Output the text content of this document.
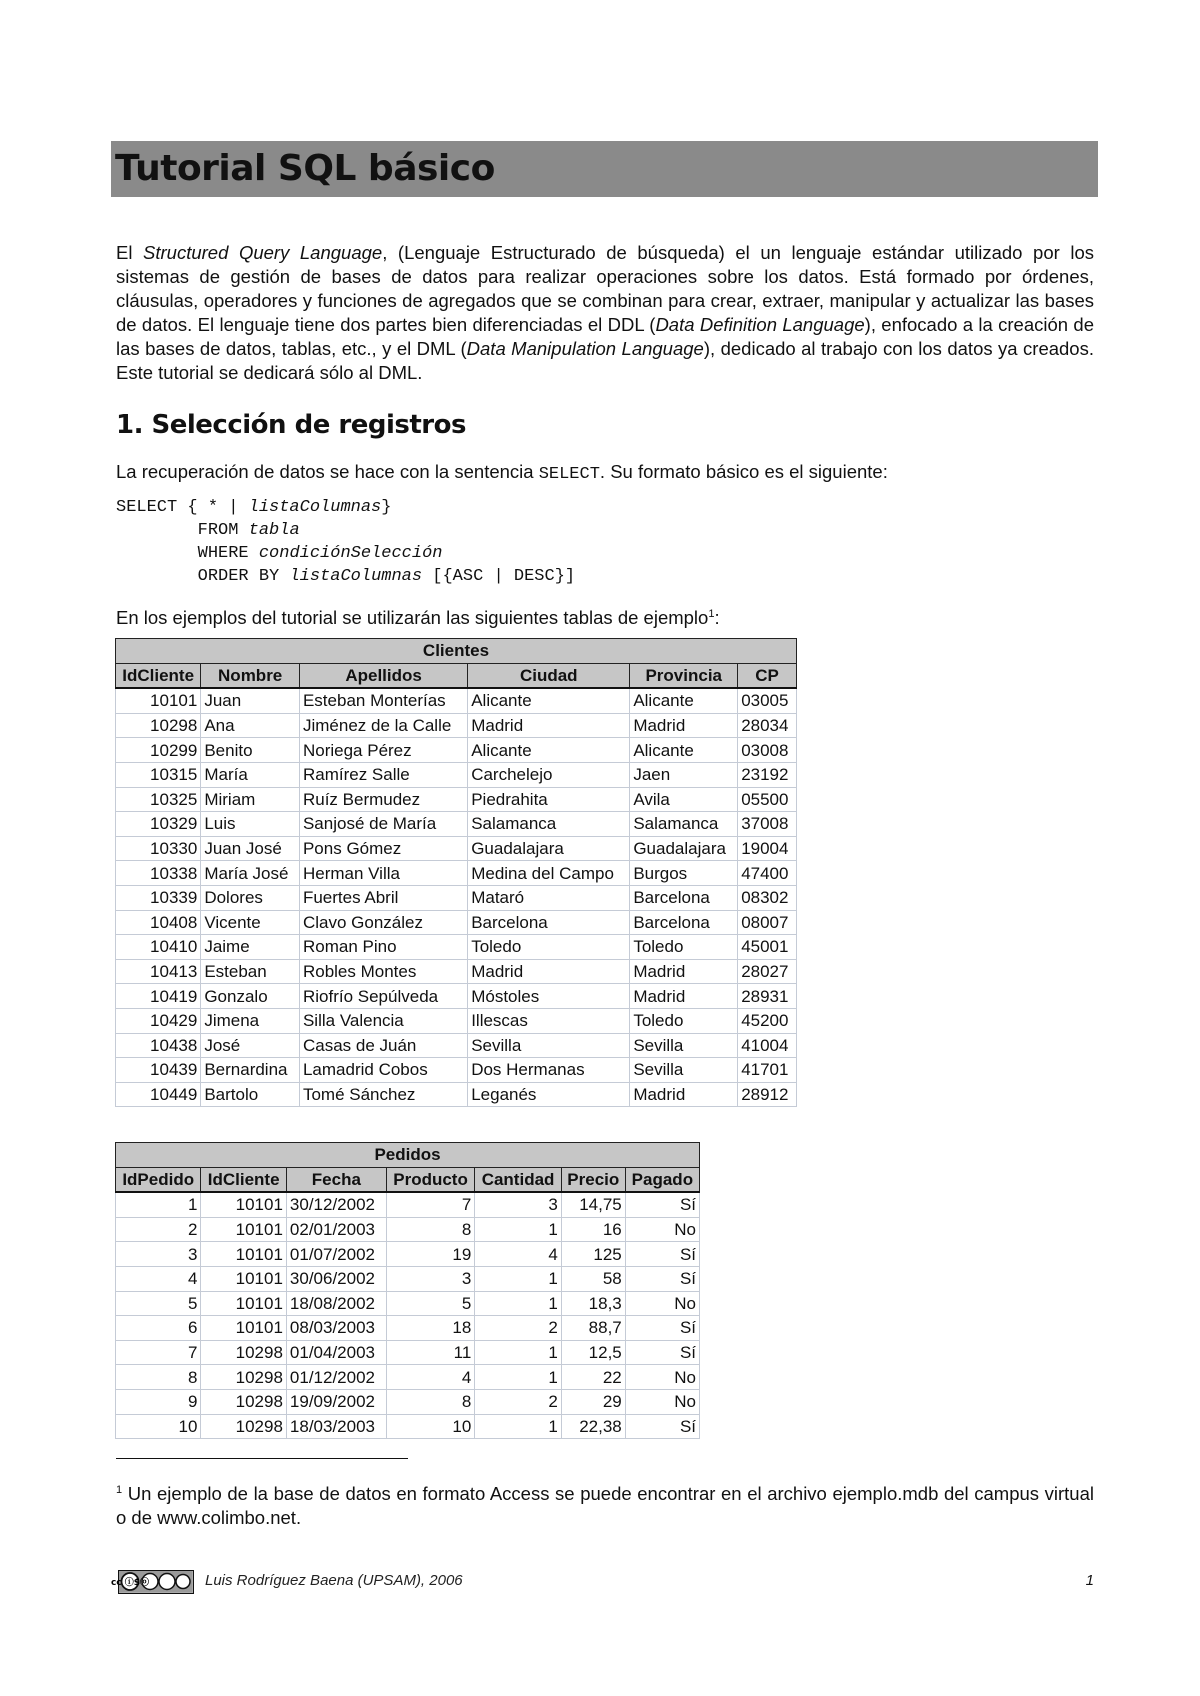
Tutorial SQL básico

El Structured Query Language, (Lenguaje Estructurado de búsqueda) el un lenguaje estándar utilizado por los sistemas de gestión de bases de datos para realizar operaciones sobre los datos. Está formado por órdenes, cláusulas, operadores y funciones de agregados que se combinan para crear, extraer, manipular y actualizar las bases de datos. El lenguaje tiene dos partes bien diferenciadas el DDL (Data Definition Language), enfocado a la creación de las bases de datos, tablas, etc., y el DML (Data Manipulation Language), dedicado al trabajo con los datos ya creados. Este tutorial se dedicará sólo al DML.

1. Selección de registros

La recuperación de datos se hace con la sentencia SELECT. Su formato básico es el siguiente:

SELECT { * | listaColumnas}
FROM tabla
WHERE condiciónSelección
ORDER BY listaColumnas [{ASC | DESC}]

En los ejemplos del tutorial se utilizarán las siguientes tablas de ejemplo$^1$:

Clientes					
IdCliente	Nombre	Apellidos	Ciudad	Provincia	CP
10101	Juan	Esteban Monterías	Alicante	Alicante	03005
10298	Ana	Jiménez de la Calle	Madrid	Madrid	28034
10299	Benito	Noriega Pérez	Alicante	Alicante	03008
10315	María	Ramírez Salle	Carchelejo	Jaen	23192
10325	Miriam	Ruíz Bermudez	Piedrahita	Avila	05500
10329	Luis	Sanjosé de María	Salamanca	Salamanca	37008
10330	Juan José	Pons Gómez	Guadalajara	Guadalajara	19004
10338	María José	Herman Villa	Medina del Campo	Burgos	47400
10339	Dolores	Fuertes Abril	Mataró	Barcelona	08302
10408	Vicente	Clavo González	Barcelona	Barcelona	08007
10410	Jaime	Roman Pino	Toledo	Toledo	45001
10413	Esteban	Robles Montes	Madrid	Madrid	28027
10419	Gonzalo	Riofrío Sepúlveda	Móstoles	Madrid	28931
10429	Jimena	Silla Valencia	Illescas	Toledo	45200
10438	José	Casas de Juán	Sevilla	Sevilla	41004
10439	Bernardina	Lamadrid Cobos	Dos Hermanas	Sevilla	41701
10449	Bartolo	Tomé Sánchez	Leganés	Madrid	28912
Pedidos						
IdPedido	IdCliente	Fecha	Producto	Cantidad	Precio	Pagado
1	10101	30/12/2002	7	3	14,75	Sí
2	10101	02/01/2003	8	1	16	No
3	10101	01/07/2002	19	4	125	Sí
4	10101	30/06/2002	3	1	58	Sí
5	10101	18/08/2002	5	1	18,3	No
6	10101	08/03/2003	18	2	88,7	Sí
7	10298	01/04/2003	11	1	12,5	Sí
8	10298	01/12/2002	4	1	22	No
9	10298	19/09/2002	8	2	29	No
10	10298	18/03/2003	10	1	22,38	Sí

$^1$ Un ejemplo de la base de datos en formato Access se puede encontrar en el archivo ejemplo.mdb del campus virtual o de www.colimbo.net.

cc ⓘ$ⓞ	Luis Rodríguez Baena (UPSAM), 2006	1
